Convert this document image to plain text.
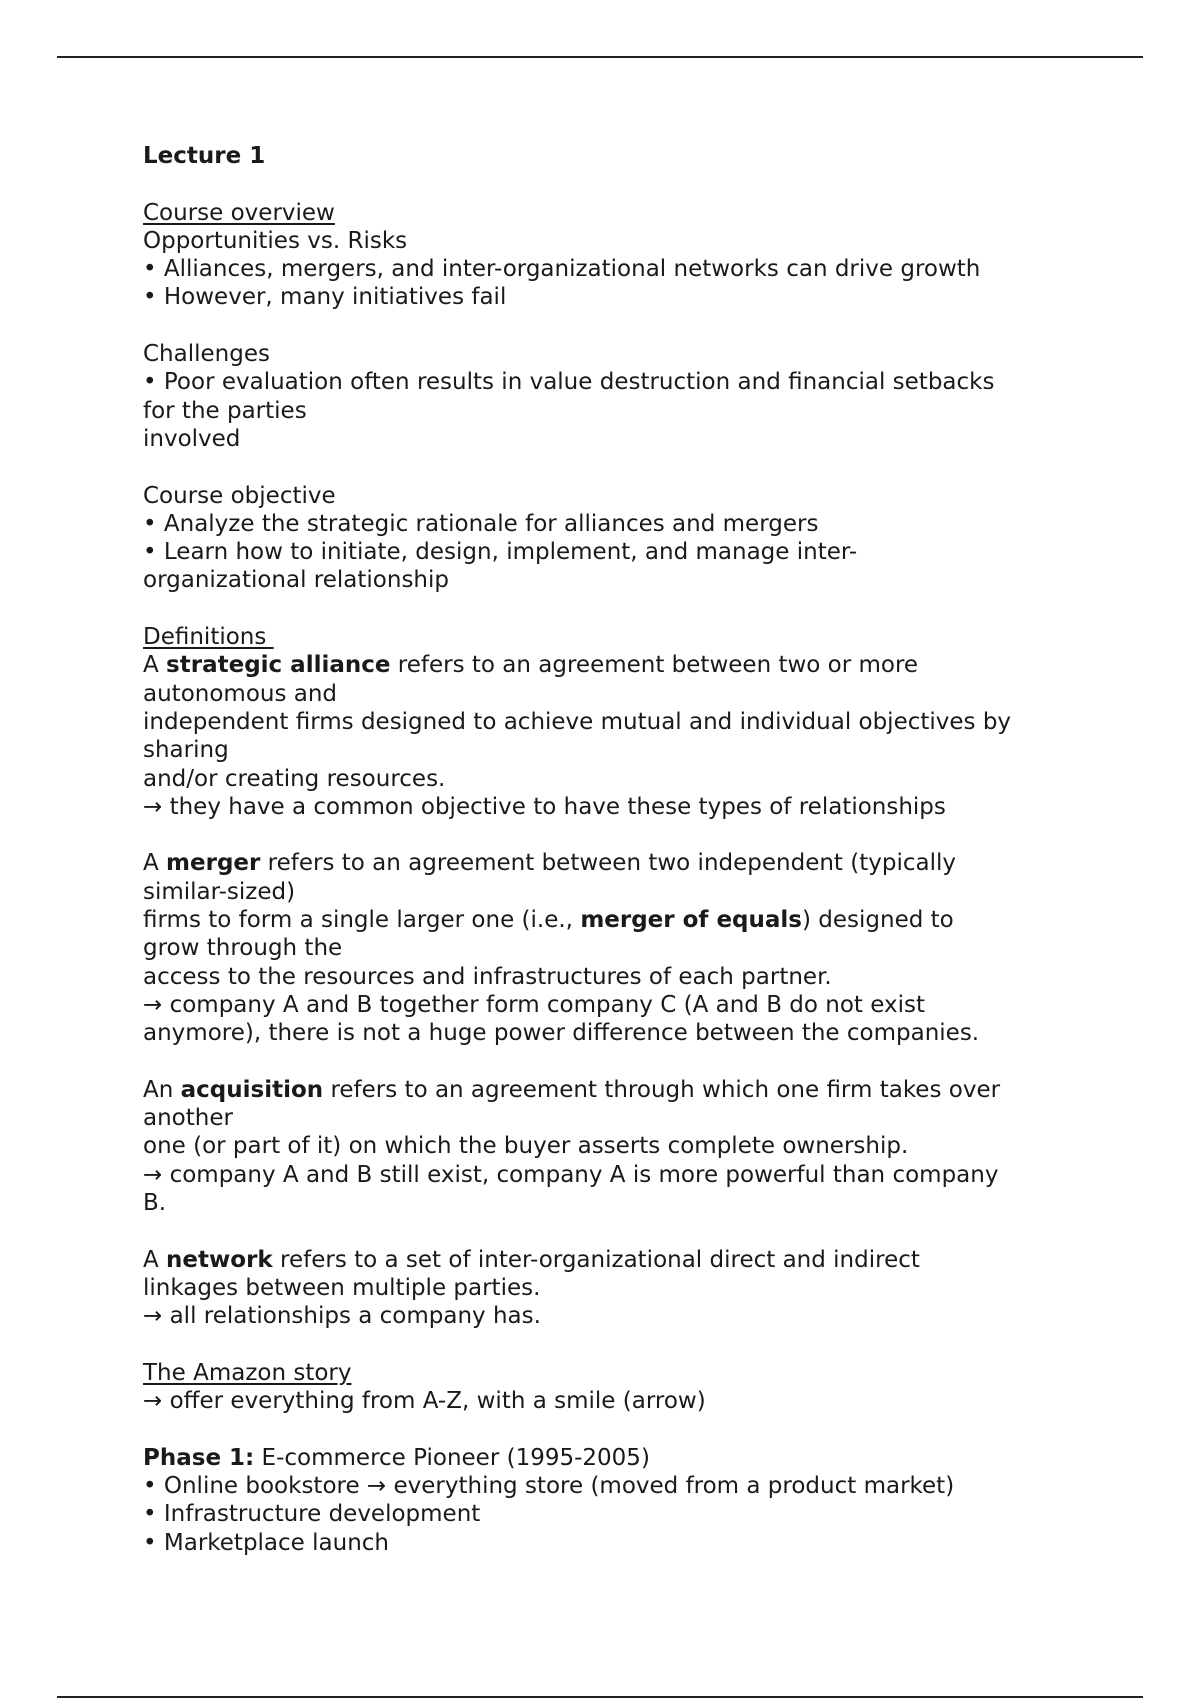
Lecture 1
Course overview
Opportunities vs. Risks
• Alliances, mergers, and inter-organizational networks can drive growth
• However, many initiatives fail
Challenges
• Poor evaluation often results in value destruction and financial setbacks
for the parties
involved
Course objective
• Analyze the strategic rationale for alliances and mergers
• Learn how to initiate, design, implement, and manage inter-
organizational relationship
Definitions
A strategic alliance refers to an agreement between two or more
autonomous and
independent firms designed to achieve mutual and individual objectives by
sharing
and/or creating resources.
→ they have a common objective to have these types of relationships
A merger refers to an agreement between two independent (typically
similar-sized)
firms to form a single larger one (i.e., merger of equals) designed to
grow through the
access to the resources and infrastructures of each partner.
→ company A and B together form company C (A and B do not exist
anymore), there is not a huge power difference between the companies.
An acquisition refers to an agreement through which one firm takes over
another
one (or part of it) on which the buyer asserts complete ownership.
→ company A and B still exist, company A is more powerful than company
B.
A network refers to a set of inter-organizational direct and indirect
linkages between multiple parties.
→ all relationships a company has.
The Amazon story
→ offer everything from A-Z, with a smile (arrow)
Phase 1: E-commerce Pioneer (1995-2005)
• Online bookstore → everything store (moved from a product market)
• Infrastructure development
• Marketplace launch
